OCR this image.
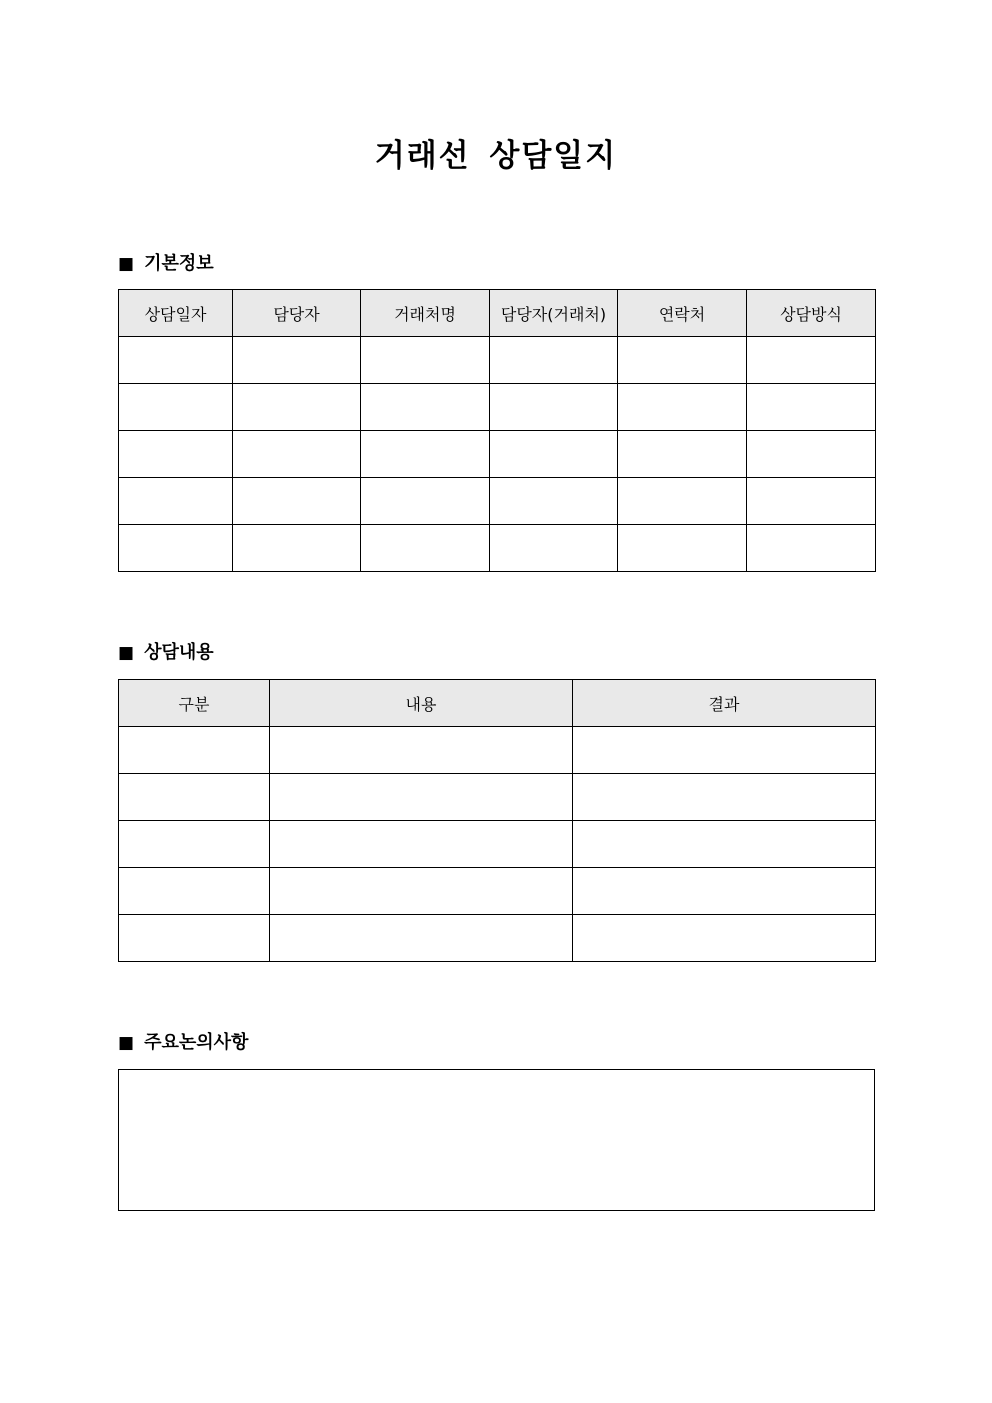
거래선 상담일지
■ 기본정보
상담일자	담당자	거래처명	담당자(거래처)	연락처	상담방식

■ 상담내용
구분	내용	결과

■ 주요논의사항
